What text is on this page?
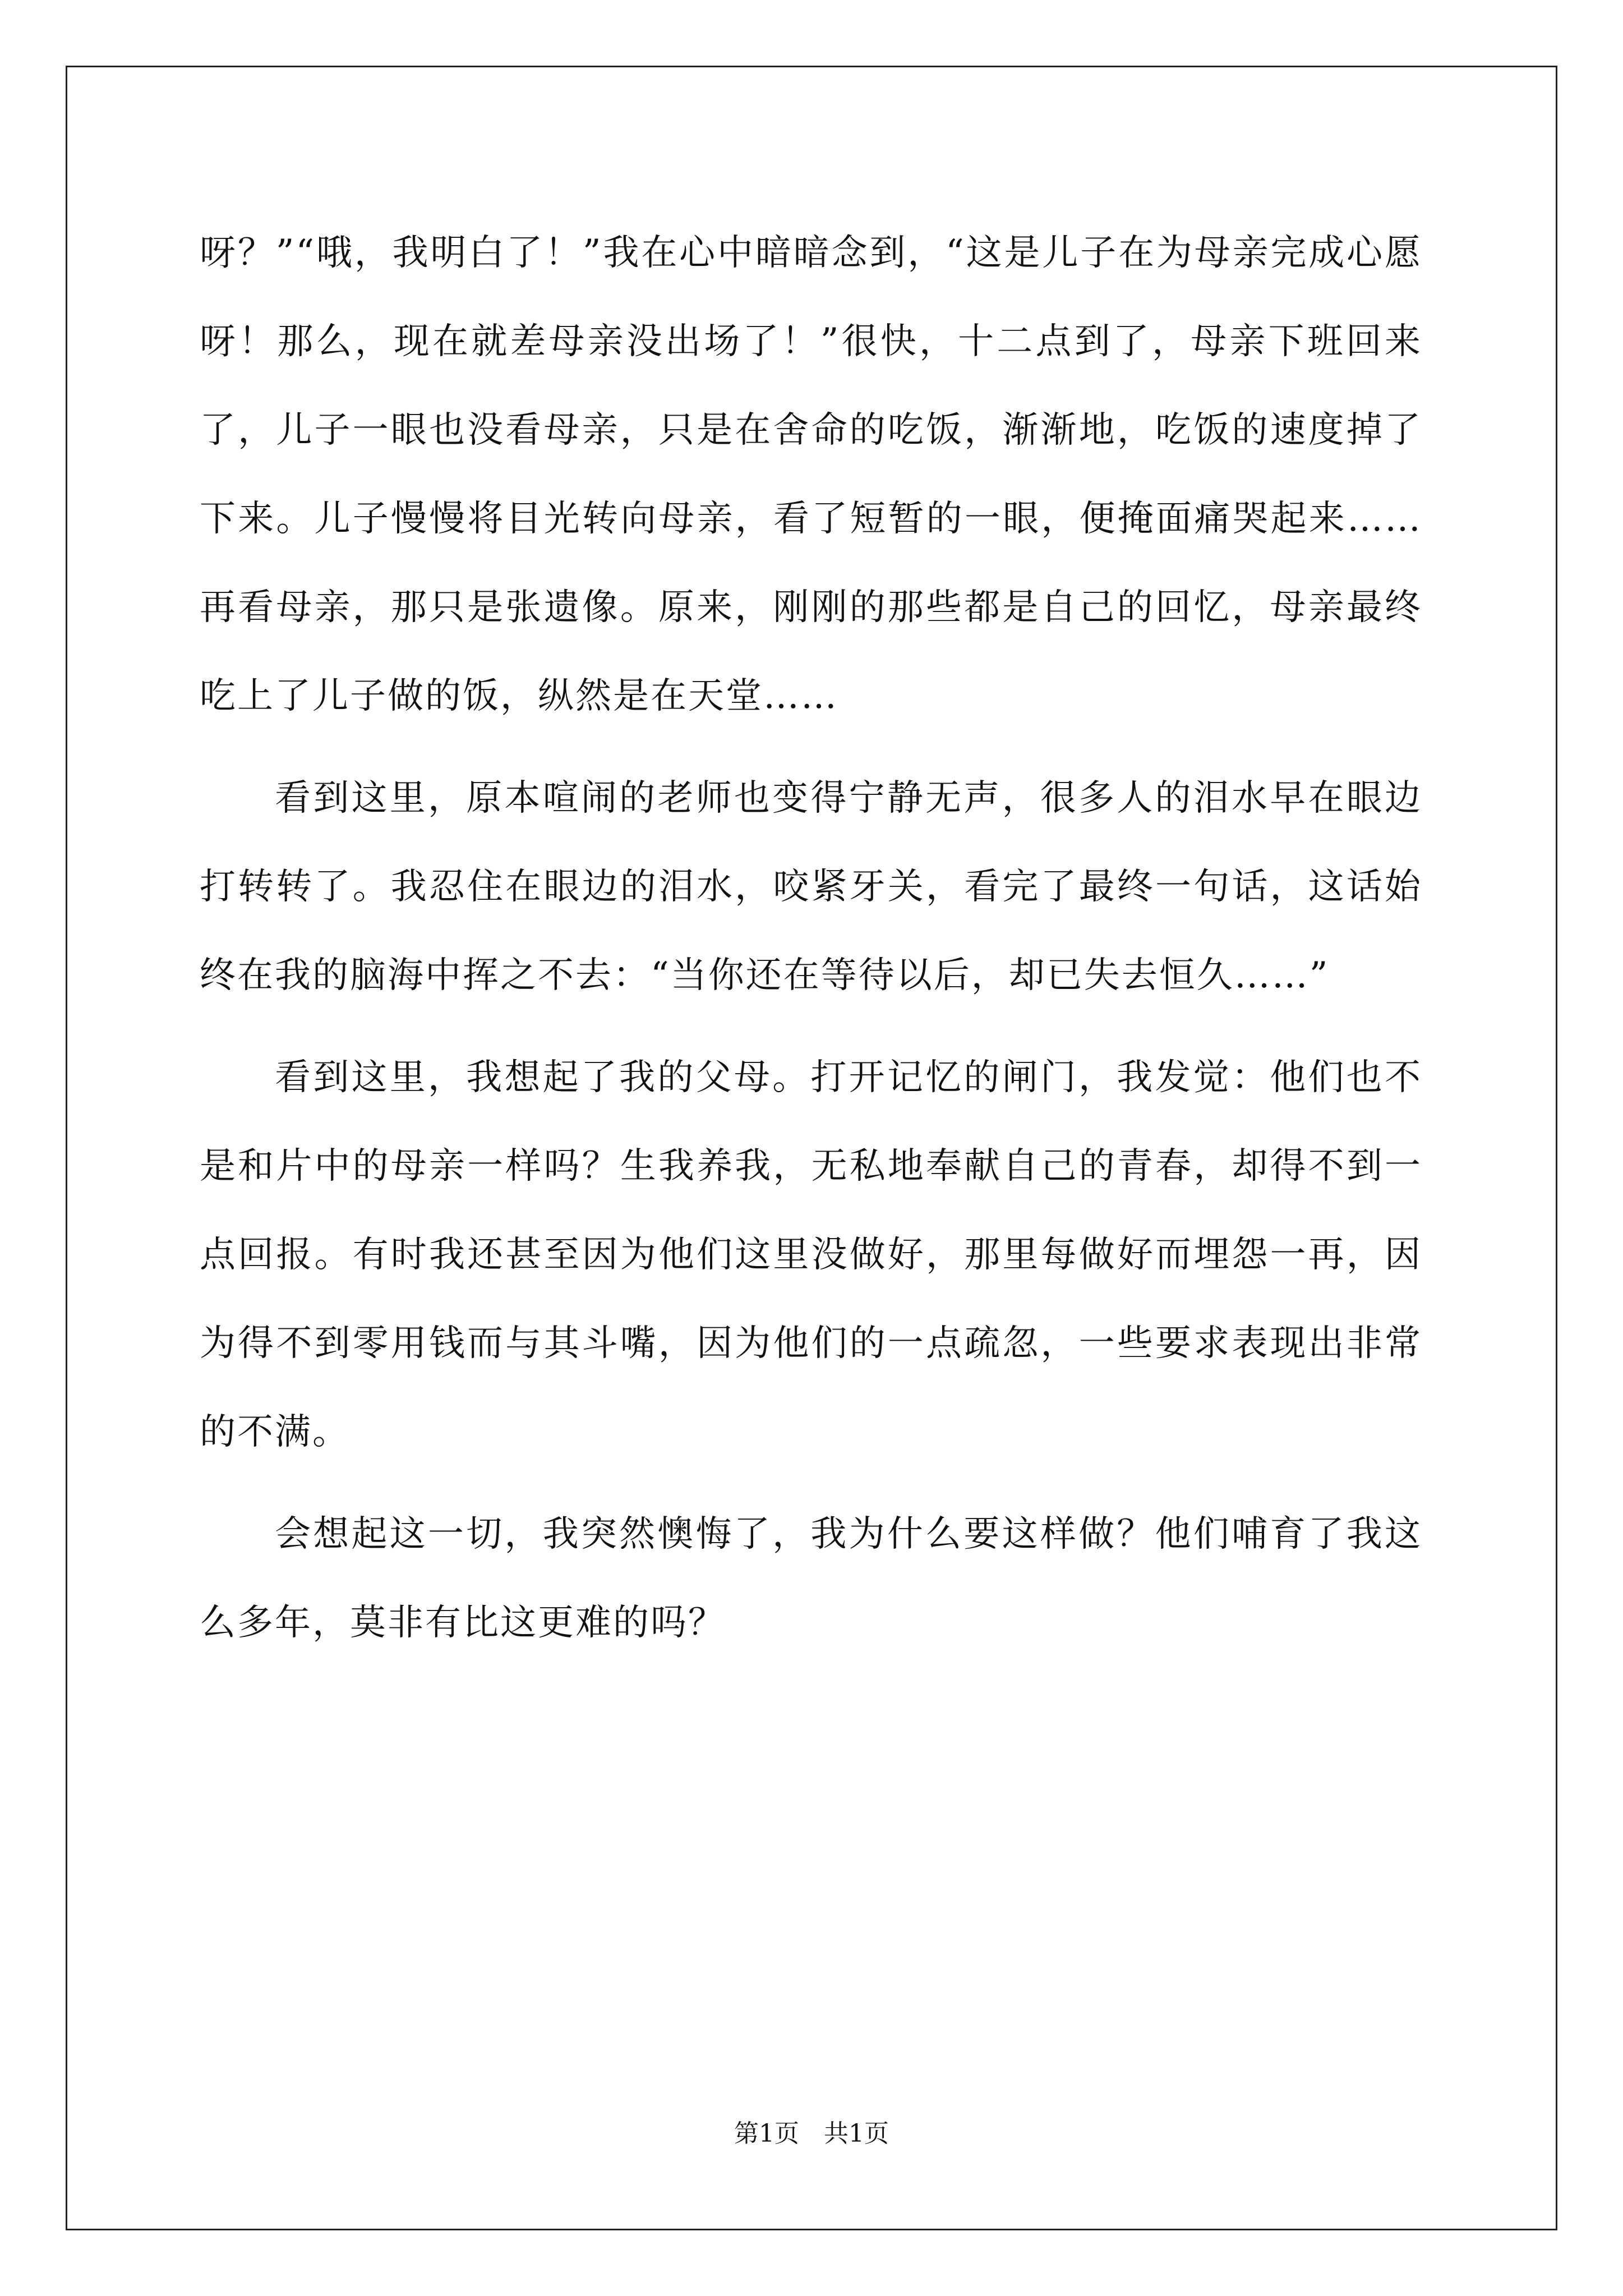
呀？”“哦，我明白了！”我在心中暗暗念到，“这是儿子在为母亲完成心愿呀！那么，现在就差母亲没出场了！”很快，十二点到了，母亲下班回来了，儿子一眼也没看母亲，只是在舍命的吃饭，渐渐地，吃饭的速度掉了下来。儿子慢慢将目光转向母亲，看了短暂的一眼，便掩面痛哭起来……再看母亲，那只是张遗像。原来，刚刚的那些都是自己的回忆，母亲最终吃上了儿子做的饭，纵然是在天堂……

看到这里，原本喧闹的老师也变得宁静无声，很多人的泪水早在眼边打转转了。我忍住在眼边的泪水，咬紧牙关，看完了最终一句话，这话始终在我的脑海中挥之不去：“当你还在等待以后，却已失去恒久……”

看到这里，我想起了我的父母。打开记忆的闸门，我发觉：他们也不是和片中的母亲一样吗？生我养我，无私地奉献自己的青春，却得不到一点回报。有时我还甚至因为他们这里没做好，那里每做好而埋怨一再，因为得不到零用钱而与其斗嘴，因为他们的一点疏忽，一些要求表现出非常的不满。

会想起这一切，我突然懊悔了，我为什么要这样做？他们哺育了我这么多年，莫非有比这更难的吗？

第1页　共1页
